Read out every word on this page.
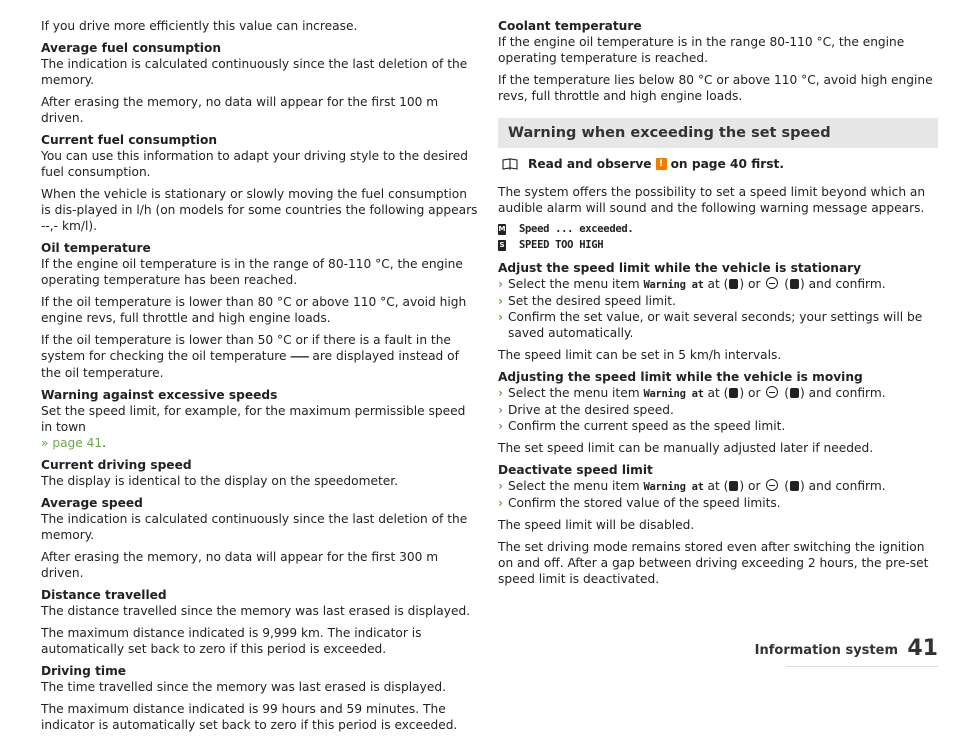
If you drive more efficiently this value can increase.

Average fuel consumption
The indication is calculated continuously since the last deletion of the memory.

After erasing the memory, no data will appear for the first 100 m driven.

Current fuel consumption
You can use this information to adapt your driving style to the desired fuel consumption.

When the vehicle is stationary or slowly moving the fuel consumption is dis-played in l/h (on models for some countries the following appears --,- km/l).

Oil temperature
If the engine oil temperature is in the range of 80-110 °C, the engine operating temperature has been reached.

If the oil temperature is lower than 80 °C or above 110 °C, avoid high engine revs, full throttle and high engine loads.

If the oil temperature is lower than 50 °C or if there is a fault in the system for checking the oil temperature ––– are displayed instead of the oil temperature.

Warning against excessive speeds
Set the speed limit, for example, for the maximum permissible speed in town
» page 41.

Current driving speed
The display is identical to the display on the speedometer.

Average speed
The indication is calculated continuously since the last deletion of the memory.

After erasing the memory, no data will appear for the first 300 m driven.

Distance travelled
The distance travelled since the memory was last erased is displayed.

The maximum distance indicated is 9,999 km. The indicator is automatically set back to zero if this period is exceeded.

Driving time
The time travelled since the memory was last erased is displayed.

The maximum distance indicated is 99 hours and 59 minutes. The indicator is automatically set back to zero if this period is exceeded.

Coolant temperature
If the engine oil temperature is in the range 80-110 °C, the engine operating temperature is reached.

If the temperature lies below 80 °C or above 110 °C, avoid high engine revs, full throttle and high engine loads.

Warning when exceeding the set speed
Read and observe ! on page 40 first.

The system offers the possibility to set a speed limit beyond which an audible alarm will sound and the following warning message appears.

M Speed ... exceeded.
S SPEED TOO HIGH

Adjust the speed limit while the vehicle is stationary
› Select the menu item Warning at at ( ) or  ( ) and confirm.
› Set the desired speed limit.
› Confirm the set value, or wait several seconds; your settings will be saved automatically.

The speed limit can be set in 5 km/h intervals.

Adjusting the speed limit while the vehicle is moving
› Select the menu item Warning at at ( ) or  ( ) and confirm.
› Drive at the desired speed.
› Confirm the current speed as the speed limit.

The set speed limit can be manually adjusted later if needed.

Deactivate speed limit
› Select the menu item Warning at at ( ) or  ( ) and confirm.
› Confirm the stored value of the speed limits.

The speed limit will be disabled.

The set driving mode remains stored even after switching the ignition on and off. After a gap between driving exceeding 2 hours, the pre-set speed limit is deactivated.

Information system 41
